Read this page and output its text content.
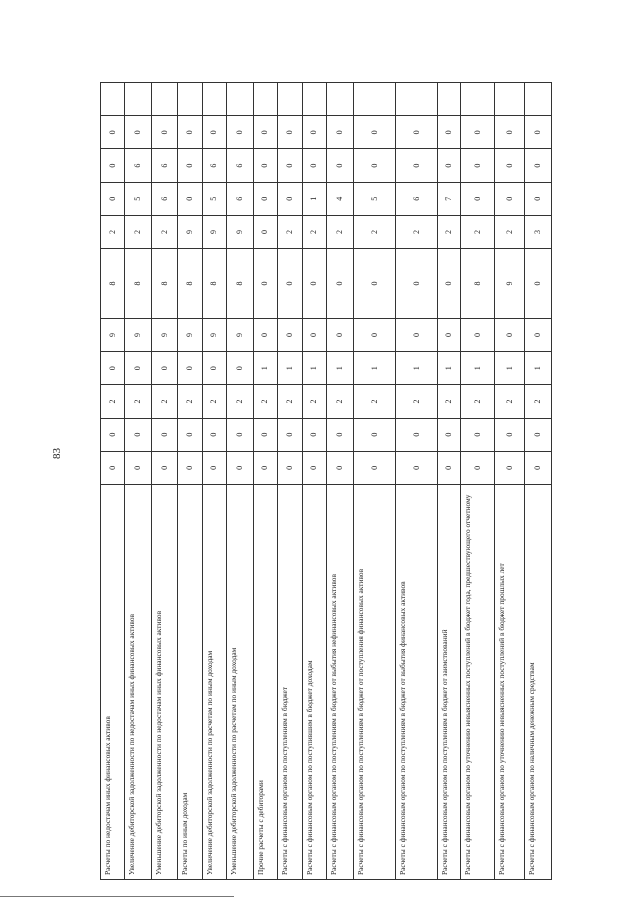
83
Расчеты по недостачам иных финансовых активов	0	0	2	0	9	8	2	0	0	0	
Увеличение дебиторской задолженности по недостачам иных финансовых активов	0	0	2	0	9	8	2	5	6	0	
Уменьшение дебиторской задолженности по недостачам иных финансовых активов	0	0	2	0	9	8	2	6	6	0	
Расчеты по иным доходам	0	0	2	0	9	8	9	0	0	0	
Увеличение дебиторской задолженности по расчетам по иным доходам	0	0	2	0	9	8	9	5	6	0	
Уменьшение дебиторской задолженности по расчетам по иным доходам	0	0	2	0	9	8	9	6	6	0	
Прочие расчеты с дебиторами	0	0	2	1	0	0	0	0	0	0	
Расчеты с финансовым органом по поступлениям в бюджет	0	0	2	1	0	0	2	0	0	0	
Расчеты с финансовым органом по поступившим в бюджет доходам	0	0	2	1	0	0	2	1	0	0	
Расчеты с финансовым органом по поступлениям в бюджет от выбытия нефинансовых активов	0	0	2	1	0	0	2	4	0	0	
Расчеты с финансовым органом по поступлениям в бюджет от поступления финансовых активов	0	0	2	1	0	0	2	5	0	0	
Расчеты с финансовым органом по поступлениям в бюджет от выбытия финансовых активов	0	0	2	1	0	0	2	6	0	0	
Расчеты с финансовым органом по поступлениям в бюджет от заимствований	0	0	2	1	0	0	2	7	0	0	
Расчеты с финансовым органом по уточнению невыясненных поступлений в бюджет года, предшествующего отчетному	0	0	2	1	0	8	2	0	0	0	
Расчеты с финансовым органом по уточнению невыясненных поступлений в бюджет прошлых лет	0	0	2	1	0	9	2	0	0	0	
Расчеты с финансовым органом по наличным денежным средствам	0	0	2	1	0	0	3	0	0	0	
